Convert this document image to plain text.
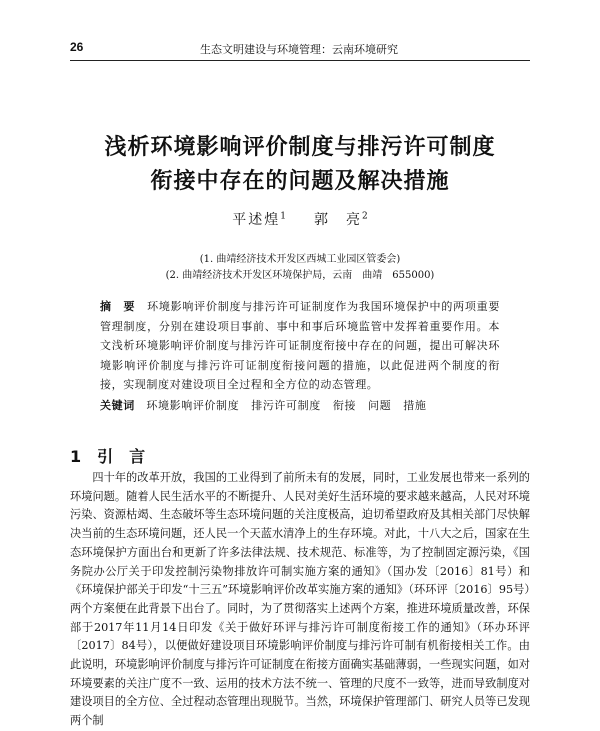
26	生态文明建设与环境管理：云南环境研究
浅析环境影响评价制度与排污许可制度
衔接中存在的问题及解决措施
平述煌$^1$ 郭　亮$^2$
(1. 曲靖经济技术开发区西城工业园区管委会)
(2. 曲靖经济技术开发区环境保护局，云南　曲靖　655000)
摘　要　 环境影响评价制度与排污许可证制度作为我国环境保护中的两项重要管理制度，分别在建设项目事前、事中和事后环境监管中发挥着重要作用。本文浅析环境影响评价制度与排污许可证制度衔接中存在的问题，提出可解决环境影响评价制度与排污许可证制度衔接问题的措施，以此促进两个制度的衔接，实现制度对建设项目全过程和全方位的动态管理。
关键词　 环境影响评价制度 排污许可制度 衔接 问题 措施
1 引　言
四十年的改革开放，我国的工业得到了前所未有的发展，同时，工业发展也带来一系列的环境问题。随着人民生活水平的不断提升、人民对美好生活环境的要求越来越高，人民对环境污染、资源枯竭、生态破坏等生态环境问题的关注度极高，迫切希望政府及其相关部门尽快解决当前的生态环境问题，还人民一个天蓝水清净上的生存环境。对此，十八大之后，国家在生态环境保护方面出台和更新了许多法律法规、技术规范、标准等，为了控制固定源污染，《国务院办公厅关于印发控制污染物排放许可制实施方案的通知》（国办发〔2016〕81号）和《环境保护部关于印发“十三五”环境影响评价改革实施方案的通知》（环环评〔2016〕95号）两个方案便在此背景下出台了。同时，为了贯彻落实上述两个方案，推进环境质量改善，环保部于2017年11月14日印发《关于做好环评与排污许可制度衔接工作的通知》（环办环评〔2017〕84号），以便做好建设项目环境影响评价制度与排污许可制有机衔接相关工作。由此说明，环境影响评价制度与排污许可证制度在衔接方面确实基础薄弱，一些现实问题，如对环境要素的关注广度不一致、运用的技术方法不统一、管理的尺度不一致等，进而导致制度对建设项目的全方位、全过程动态管理出现脱节。当然，环境保护管理部门、研究人员等已发现两个制
